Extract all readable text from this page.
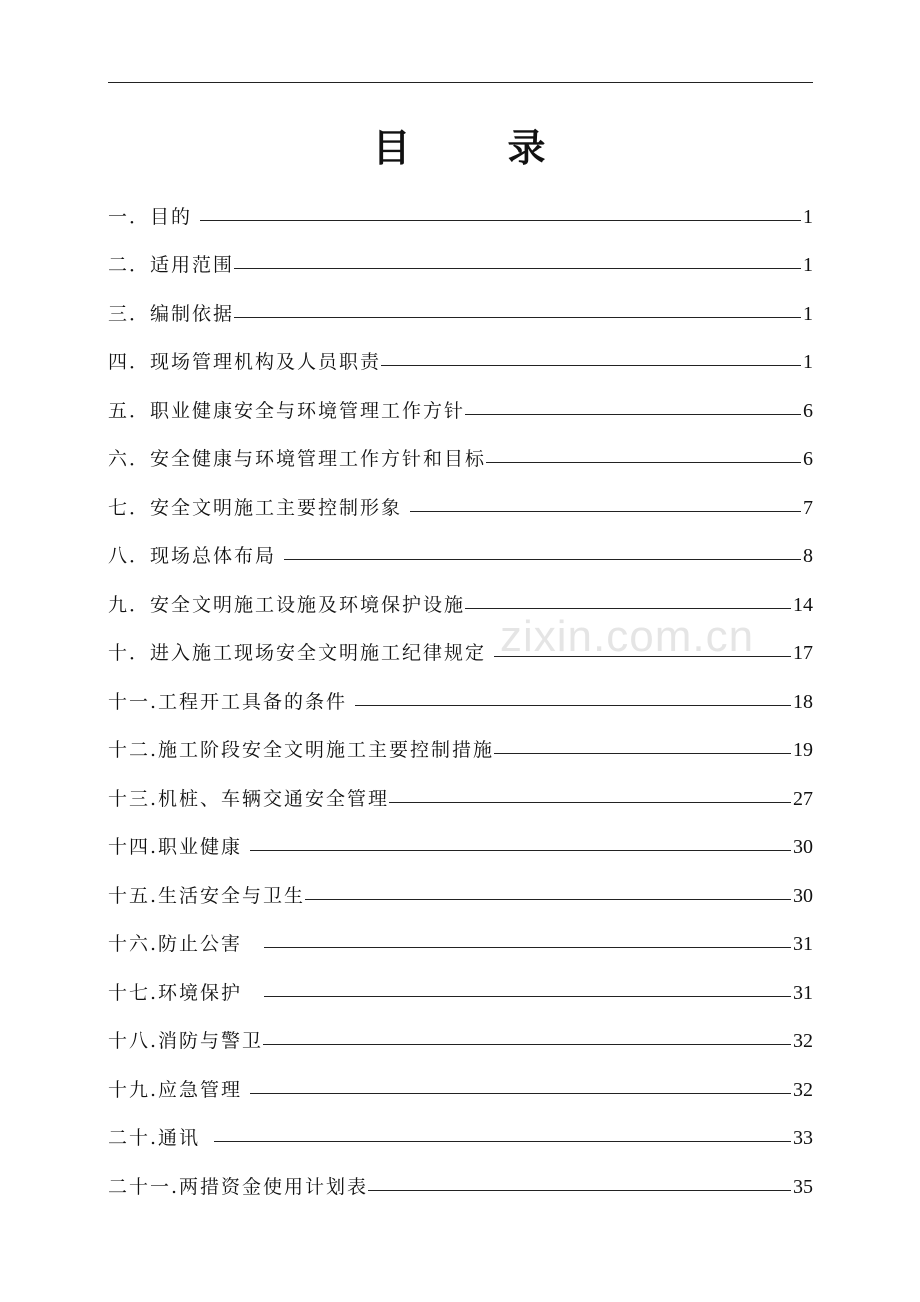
目	录
一．目的	1
二．适用范围	1
三．编制依据	1
四．现场管理机构及人员职责	1
五．职业健康安全与环境管理工作方针	6
六．安全健康与环境管理工作方针和目标	6
七．安全文明施工主要控制形象	7
八．现场总体布局	8
九．安全文明施工设施及环境保护设施	14
十．进入施工现场安全文明施工纪律规定	17
十一.工程开工具备的条件	18
十二.施工阶段安全文明施工主要控制措施	19
十三.机桩、车辆交通安全管理	27
十四.职业健康	30
十五.生活安全与卫生	30
十六.防止公害	31
十七.环境保护	31
十八.消防与警卫	32
十九.应急管理	32
二十.通讯	33
二十一.两措资金使用计划表	35
zixin.com.cn
